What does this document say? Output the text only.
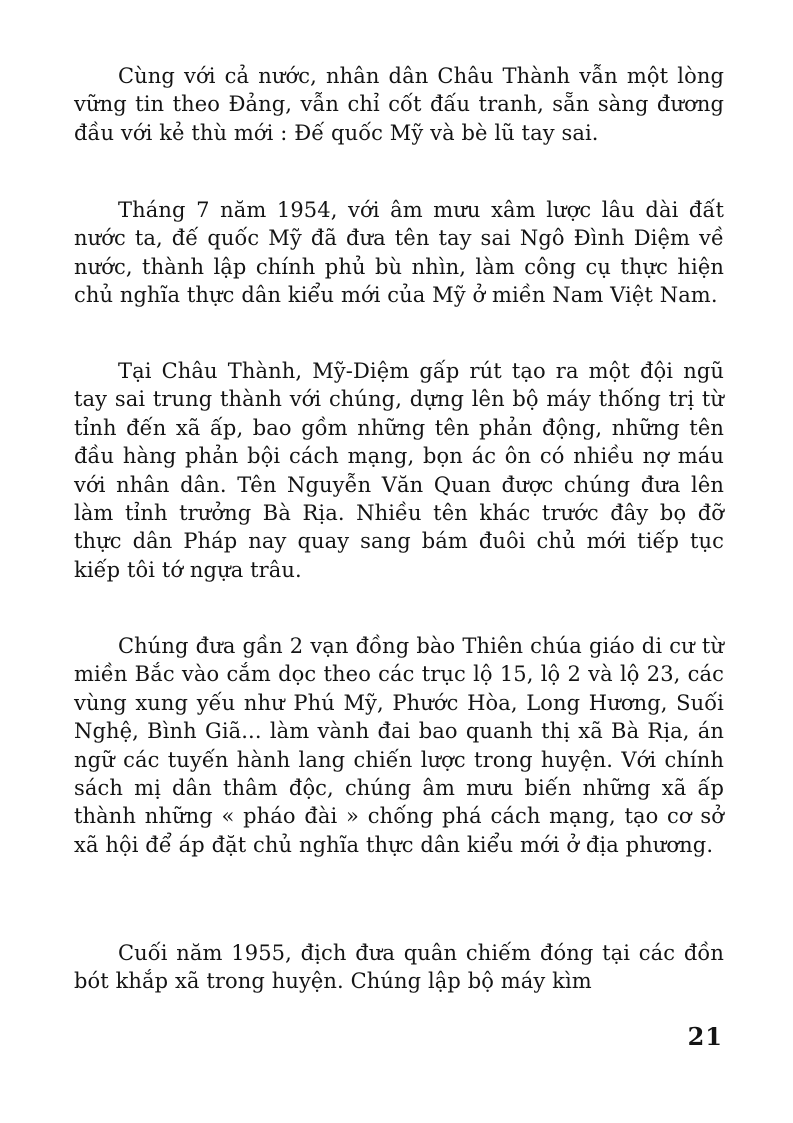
Cùng với cả nước, nhân dân Châu Thành vẫn một lòng vững tin theo Đảng, vẫn chỉ cốt đấu tranh, sẵn sàng đương đầu với kẻ thù mới : Đế quốc Mỹ và bè lũ tay sai.

Tháng 7 năm 1954, với âm mưu xâm lược lâu dài đất nước ta, đế quốc Mỹ đã đưa tên tay sai Ngô Đình Diệm về nước, thành lập chính phủ bù nhìn, làm công cụ thực hiện chủ nghĩa thực dân kiểu mới của Mỹ ở miền Nam Việt Nam.

Tại Châu Thành, Mỹ-Diệm gấp rút tạo ra một đội ngũ tay sai trung thành với chúng, dựng lên bộ máy thống trị từ tỉnh đến xã ấp, bao gồm những tên phản động, những tên đầu hàng phản bội cách mạng, bọn ác ôn có nhiều nợ máu với nhân dân. Tên Nguyễn Văn Quan được chúng đưa lên làm tỉnh trưởng Bà Rịa. Nhiều tên khác trước đây bọ đỡ thực dân Pháp nay quay sang bám đuôi chủ mới tiếp tục kiếp tôi tớ ngựa trâu.

Chúng đưa gần 2 vạn đồng bào Thiên chúa giáo di cư từ miền Bắc vào cắm dọc theo các trục lộ 15, lộ 2 và lộ 23, các vùng xung yếu như Phú Mỹ, Phước Hòa, Long Hương, Suối Nghệ, Bình Giã... làm vành đai bao quanh thị xã Bà Rịa, án ngữ các tuyến hành lang chiến lược trong huyện. Với chính sách mị dân thâm độc, chúng âm mưu biến những xã ấp thành những « pháo đài » chống phá cách mạng, tạo cơ sở xã hội để áp đặt chủ nghĩa thực dân kiểu mới ở địa phương.

Cuối năm 1955, địch đưa quân chiếm đóng tại các đồn bót khắp xã trong huyện. Chúng lập bộ máy kìm

21
